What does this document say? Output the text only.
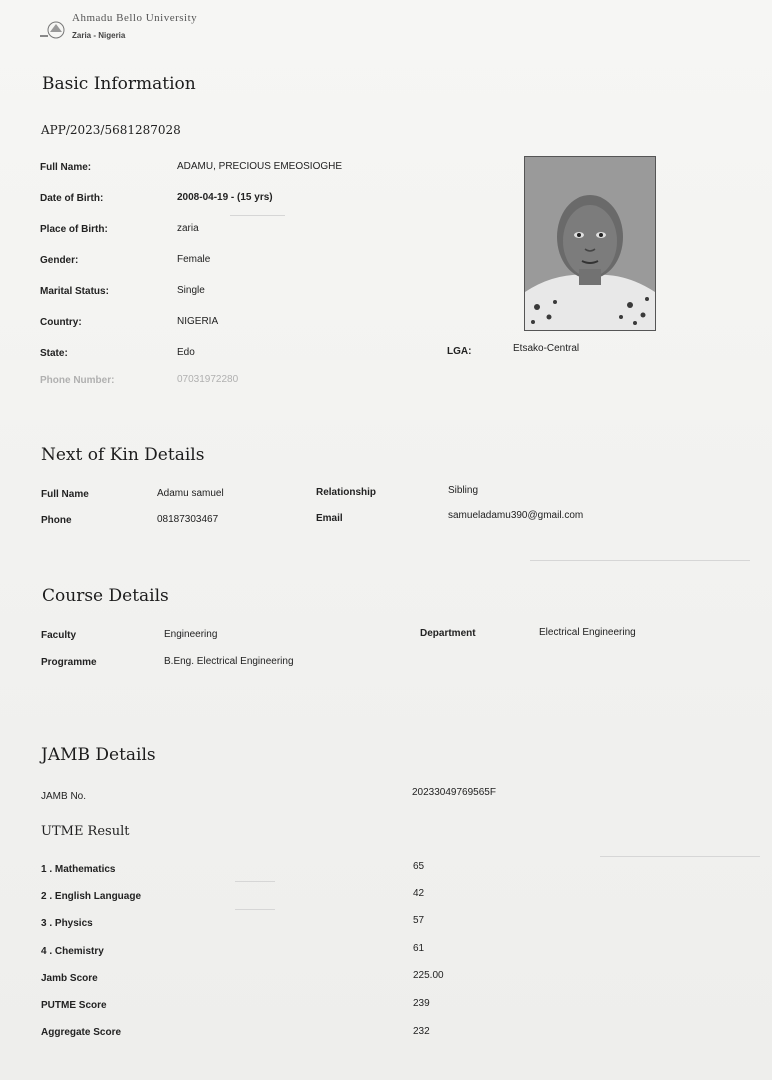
Ahmadu Bello University
Zaria - Nigeria
Basic Information
APP/2023/5681287028
Full Name:	ADAMU, PRECIOUS EMEOSIOGHE
Date of Birth:	2008-04-19 - (15 yrs)
Place of Birth:	zaria
Gender:	Female
Marital Status:	Single
Country:	NIGERIA
State:	Edo	LGA:	Etsako-Central
Phone Number:	07031972280
Next of Kin Details
Full Name	Adamu samuel	Relationship	Sibling
Phone	08187303467	Email	samueladamu390@gmail.com
Course Details
Faculty	Engineering	Department	Electrical Engineering
Programme	B.Eng. Electrical Engineering
JAMB Details
JAMB No.	20233049769565F
UTME Result
1 . Mathematics	65
2 . English Language	42
3 . Physics	57
4 . Chemistry	61
Jamb Score	225.00
PUTME Score	239
Aggregate Score	232
